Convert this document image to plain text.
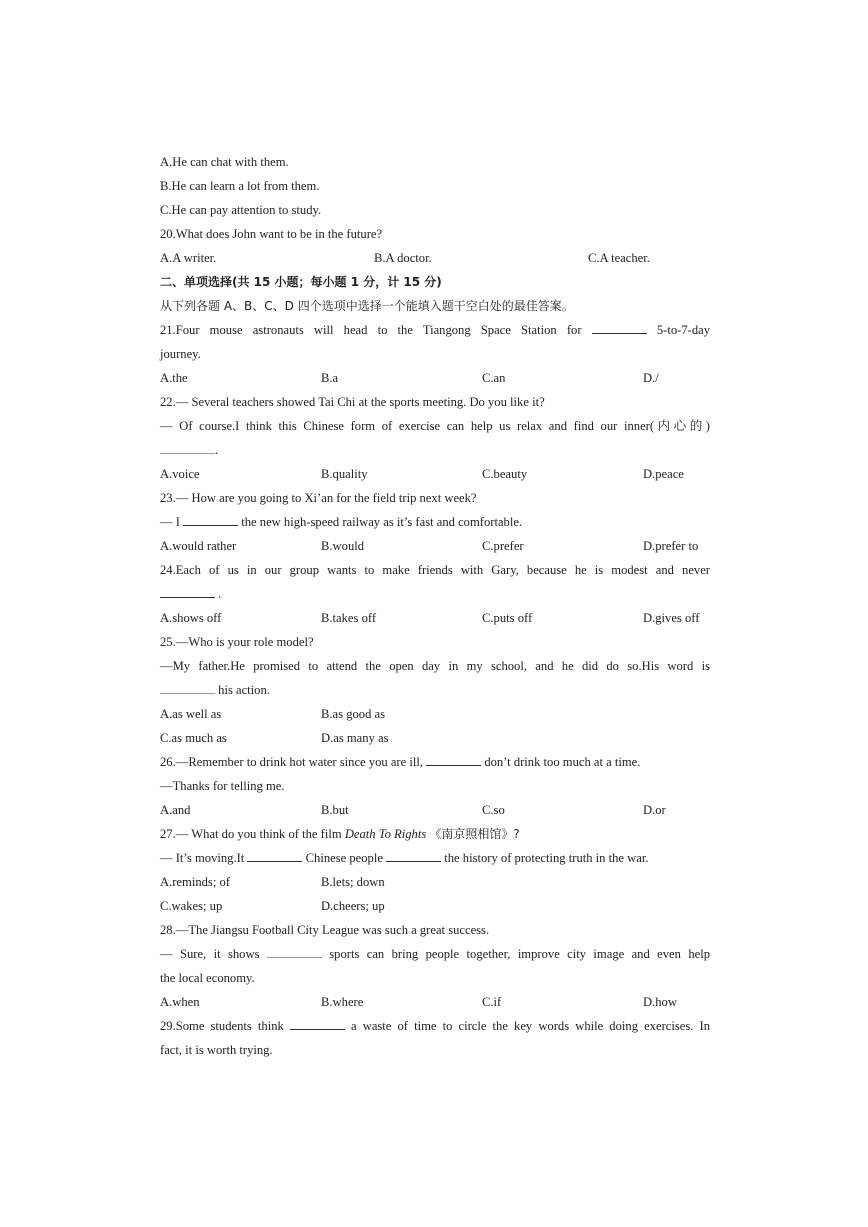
A.He can chat with them.
B.He can learn a lot from them.
C.He can pay attention to study.
20.What does John want to be in the future?
A.A writer.	B.A doctor.	C.A teacher.
二、单项选择(共 15 小题；每小题 1 分，计 15 分)
从下列各题 A、B、C、D 四个选项中选择一个能填入题干空白处的最佳答案。
21.Four mouse astronauts will head to the Tiangong Space Station for	5-to-7-day
journey.
A.the	B.a	C.an	D./
22.— Several teachers showed Tai Chi at the sports meeting. Do you like it?
— Of course.I think this Chinese form of exercise can help us relax and find our inner(内心的)
.
A.voice	B.quality	C.beauty	D.peace
23.— How are you going to Xi’an for the field trip next week?
— I	the new high-speed railway as it’s fast and comfortable.
A.would rather	B.would	C.prefer	D.prefer to
24.Each of us in our group wants to make friends with Gary, because he is modest and never
.
A.shows off	B.takes off	C.puts off	D.gives off
25.—Who is your role model?
—My father.He promised to attend the open day in my school, and he did do so.His word is
his action.
A.as well as	B.as good as
C.as much as	D.as many as
26.—Remember to drink hot water since you are ill,	don’t drink too much at a time.
—Thanks for telling me.
A.and	B.but	C.so	D.or
27.— What do you think of the film Death To Rights 《南京照相馆》?
— It’s moving.It	Chinese people	the history of protecting truth in the war.
A.reminds; of	B.lets; down
C.wakes; up	D.cheers; up
28.—The Jiangsu Football City League was such a great success.
— Sure, it shows	sports can bring people together, improve city image and even help
the local economy.
A.when	B.where	C.if	D.how
29.Some students think	a waste of time to circle the key words while doing exercises. In
fact, it is worth trying.
